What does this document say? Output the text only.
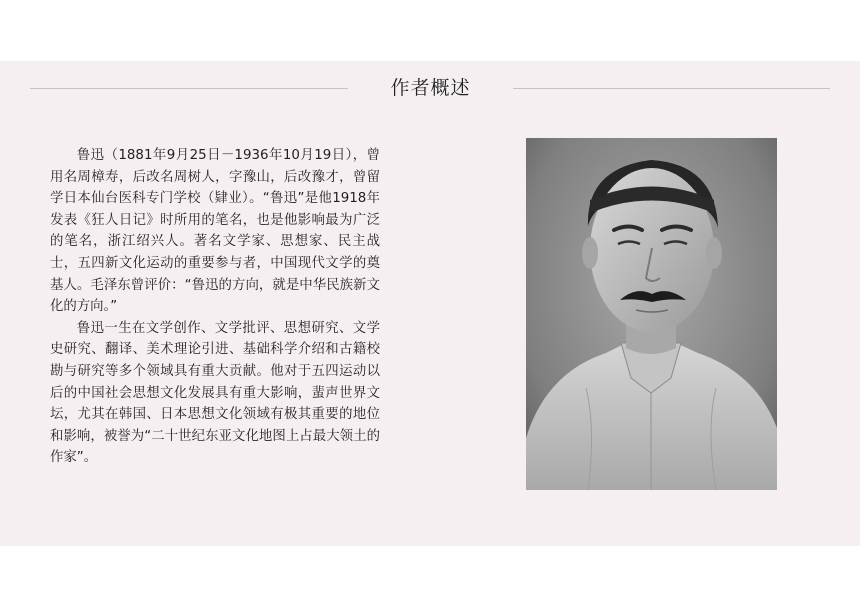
作者概述

鲁迅（1881年9月25日－1936年10月19日），曾用名周樟寿，后改名周树人，字豫山，后改豫才，曾留学日本仙台医科专门学校（肄业）。“鲁迅”是他1918年发表《狂人日记》时所用的笔名，也是他影响最为广泛的笔名，浙江绍兴人。著名文学家、思想家、民主战士，五四新文化运动的重要参与者，中国现代文学的奠基人。毛泽东曾评价：“鲁迅的方向，就是中华民族新文化的方向。”

鲁迅一生在文学创作、文学批评、思想研究、文学史研究、翻译、美术理论引进、基础科学介绍和古籍校勘与研究等多个领域具有重大贡献。他对于五四运动以后的中国社会思想文化发展具有重大影响，蜚声世界文坛，尤其在韩国、日本思想文化领域有极其重要的地位和影响，被誉为“二十世纪东亚文化地图上占最大领土的作家”。
